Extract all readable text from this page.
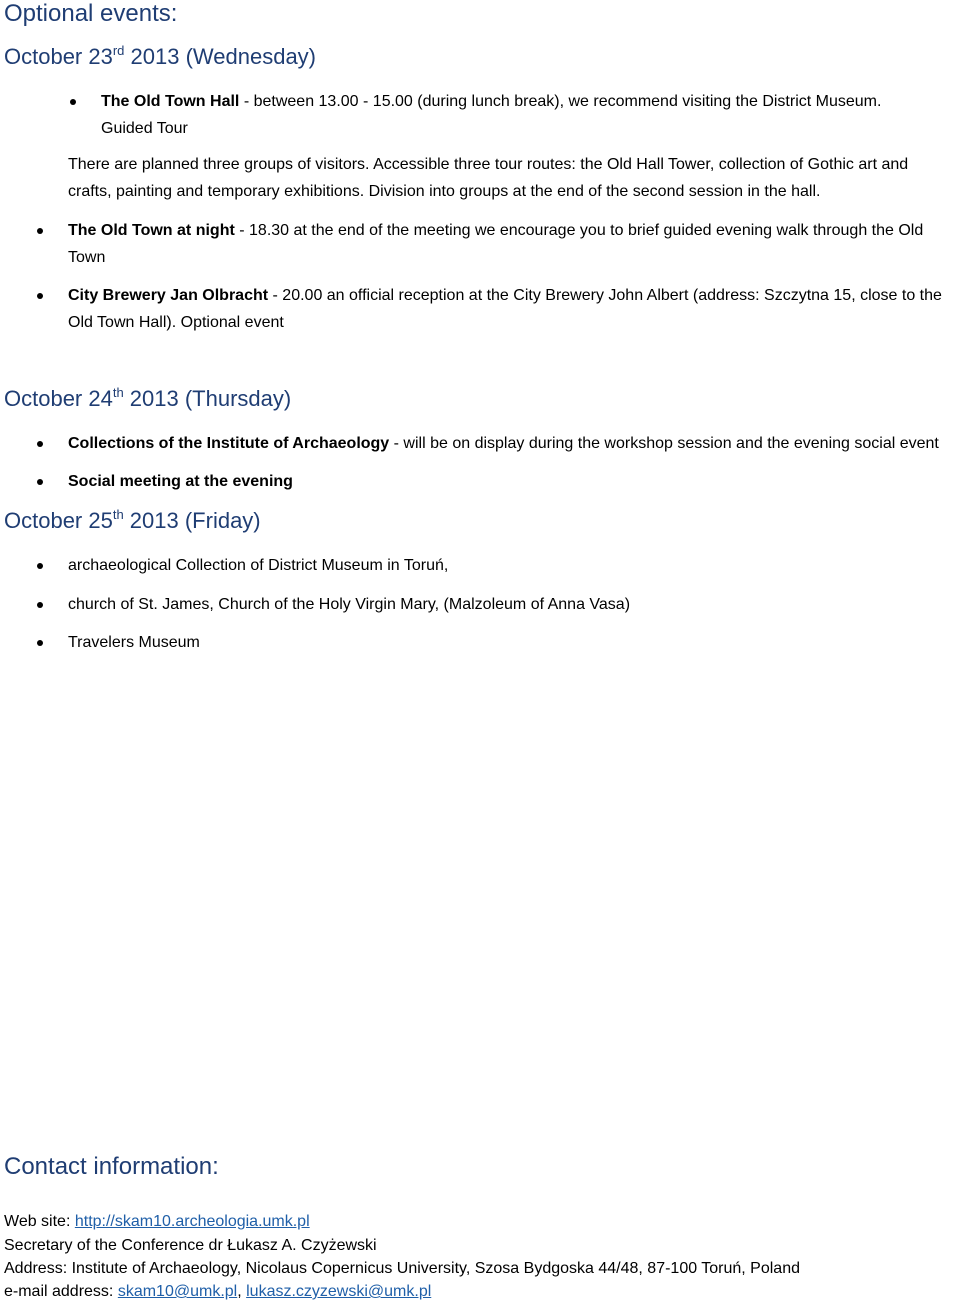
Optional events:
October 23rd 2013 (Wednesday)
The Old Town Hall - between 13.00 - 15.00 (during lunch break), we recommend visiting the District Museum.
Guided Tour
There are planned three groups of visitors. Accessible three tour routes: the Old Hall Tower, collection of Gothic art and
crafts, painting and temporary exhibitions. Division into groups at the end of the second session in the hall.
The Old Town at night - 18.30 at the end of the meeting we encourage you to brief guided evening walk through the Old
Town
City Brewery Jan Olbracht - 20.00 an official reception at the City Brewery John Albert (address: Szczytna 15, close to the
Old Town Hall). Optional event
October 24th 2013 (Thursday)
Collections of the Institute of Archaeology - will be on display during the workshop session and the evening social event
Social meeting at the evening
October 25th 2013 (Friday)
archaeological Collection of District Museum in Toruń,
church of St. James, Church of the Holy Virgin Mary, (Malzoleum of Anna Vasa)
Travelers Museum
Contact information:
Web site: http://skam10.archeologia.umk.pl
Secretary of the Conference dr Łukasz A. Czyżewski
Address: Institute of Archaeology, Nicolaus Copernicus University, Szosa Bydgoska 44/48, 87-100 Toruń, Poland
e-mail address: skam10@umk.pl, lukasz.czyzewski@umk.pl
